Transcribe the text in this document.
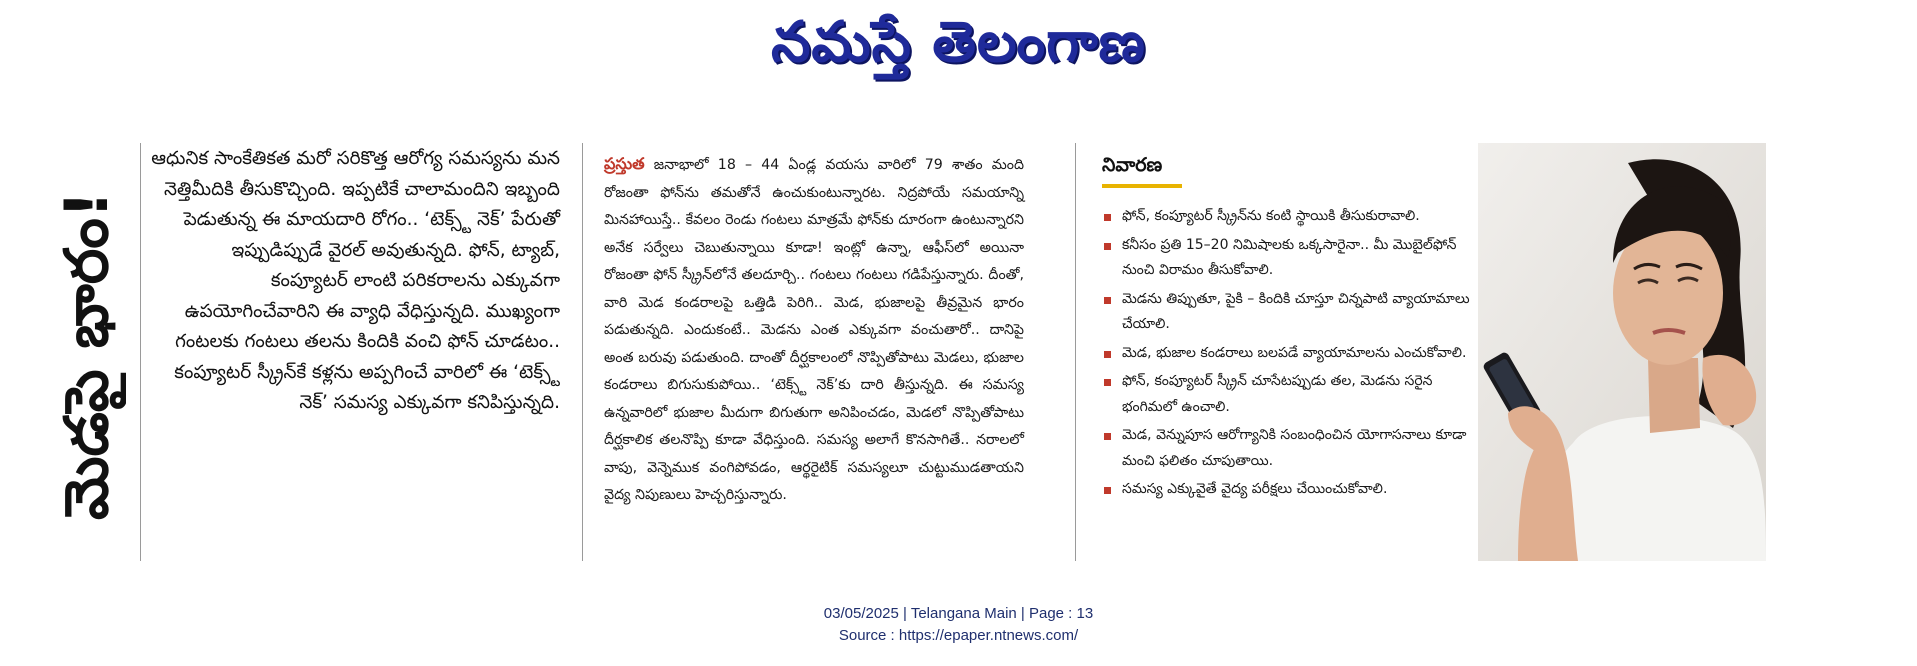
నమస్తే తెలంగాణ
మెడపై భారం!

ఆధునిక సాంకేతికత మరో సరికొత్త ఆరోగ్య సమస్యను మన నెత్తిమీదికి తీసుకొచ్చింది. ఇప్పటికే చాలామందిని ఇబ్బంది పెడుతున్న ఈ మాయదారి రోగం.. ‘టెక్స్ట్ నెక్’ పేరుతో ఇప్పుడిప్పుడే వైరల్ అవుతున్నది. ఫోన్, ట్యాబ్, కంప్యూటర్ లాంటి పరికరాలను ఎక్కువగా ఉపయోగించేవారిని ఈ వ్యాధి వేధిస్తున్నది. ముఖ్యంగా గంటలకు గంటలు తలను కిందికి వంచి ఫోన్ చూడటం.. కంప్యూటర్ స్క్రీన్‌కే కళ్లను అప్పగించే వారిలో ఈ ‘టెక్స్ట్ నెక్’ సమస్య ఎక్కువగా కనిపిస్తున్నది.

ప్రస్తుత జనాభాలో 18 – 44 ఏండ్ల వయసు వారిలో 79 శాతం మంది రోజంతా ఫోన్‌ను తమతోనే ఉంచుకుంటున్నారట. నిద్రపోయే సమయాన్ని మినహాయిస్తే.. కేవలం రెండు గంటలు మాత్రమే ఫోన్‌కు దూరంగా ఉంటున్నారని అనేక సర్వేలు చెబుతున్నాయి కూడా! ఇంట్లో ఉన్నా, ఆఫీస్‌లో అయినా రోజంతా ఫోన్ స్క్రీన్‌లోనే తలదూర్చి.. గంటలు గంటలు గడిపేస్తున్నారు. దీంతో, వారి మెడ కండరాలపై ఒత్తిడి పెరిగి.. మెడ, భుజాలపై తీవ్రమైన భారం పడుతున్నది. ఎందుకంటే.. మెడను ఎంత ఎక్కువగా వంచుతారో.. దానిపై అంత బరువు పడుతుంది. దాంతో దీర్ఘకాలంలో నొప్పితోపాటు మెడలు, భుజాల కండరాలు బిగుసుకుపోయి.. ‘టెక్స్ట్ నెక్’కు దారి తీస్తున్నది. ఈ సమస్య ఉన్నవారిలో భుజాల మీదుగా బిగుతుగా అనిపించడం, మెడలో నొప్పితోపాటు దీర్ఘకాలిక తలనొప్పి కూడా వేధిస్తుంది. సమస్య అలాగే కొనసాగితే.. నరాలలో వాపు, వెన్నెముక వంగిపోవడం, ఆర్థరైటిక్ సమస్యలూ చుట్టుముడతాయని వైద్య నిపుణులు హెచ్చరిస్తున్నారు.

నివారణ
ఫోన్, కంప్యూటర్ స్క్రీన్‌ను కంటి స్థాయికి తీసుకురావాలి.
కనీసం ప్రతి 15–20 నిమిషాలకు ఒక్కసారైనా.. మీ మొబైల్‌ఫోన్ నుంచి విరామం తీసుకోవాలి.
మెడను తిప్పుతూ, పైకి – కిందికి చూస్తూ చిన్నపాటి వ్యాయామాలు చేయాలి.
మెడ, భుజాల కండరాలు బలపడే వ్యాయామాలను ఎంచుకోవాలి.
ఫోన్, కంప్యూటర్ స్క్రీన్ చూసేటప్పుడు తల, మెడను సరైన భంగిమలో ఉంచాలి.
మెడ, వెన్నుపూస ఆరోగ్యానికి సంబంధించిన యోగాసనాలు కూడా మంచి ఫలితం చూపుతాయి.
సమస్య ఎక్కువైతే వైద్య పరీక్షలు చేయించుకోవాలి.
03/05/2025 | Telangana Main | Page : 13
Source : https://epaper.ntnews.com/
